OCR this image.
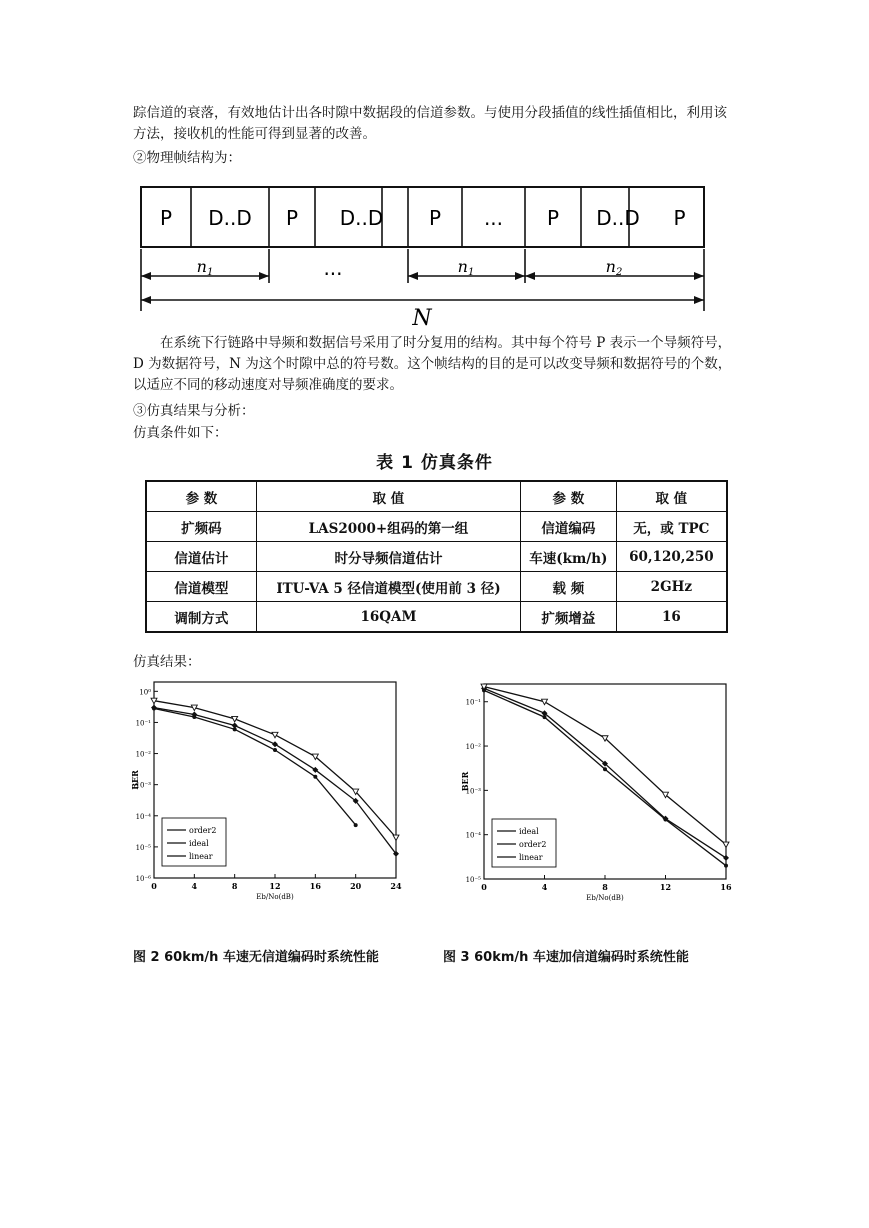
踪信道的衰落，有效地估计出各时隙中数据段的信道参数。与使用分段插值的线性插值相比，利用该方法，接收机的性能可得到显著的改善。

②物理帧结构为：
P D..D P D..D P ... P D..D P
n1	...	n1	n2
N

在系统下行链路中导频和数据信号采用了时分复用的结构。其中每个符号 P 表示一个导频符号，D 为数据符号，N 为这个时隙中总的符号数。这个帧结构的目的是可以改变导频和数据符号的个数，以适应不同的移动速度对导频准确度的要求。

③仿真结果与分析：
仿真条件如下：
表 1 仿真条件
参 数	取 值	参 数	取 值
扩频码	LAS2000+组码的第一组	信道编码	无，或 TPC
信道估计	时分导频信道估计	车速(km/h)	60,120,250
信道模型	ITU-VA 5 径信道模型(使用前 3 径)	载 频	2GHz
调制方式	16QAM	扩频增益	16
仿真结果：
0	4	8	12	16	20	24
10⁰
10⁻¹
10⁻²
10⁻³
10⁻⁴
10⁻⁵
10⁻⁶
Eb/No(dB)
BER
order2
ideal
linear
0	4	8	12	16
10⁻¹
10⁻²
10⁻³
10⁻⁴
10⁻⁵
Eb/No(dB)
BER
ideal
order2
linear
图 2 60km/h 车速无信道编码时系统性能	图 3 60km/h 车速加信道编码时系统性能
